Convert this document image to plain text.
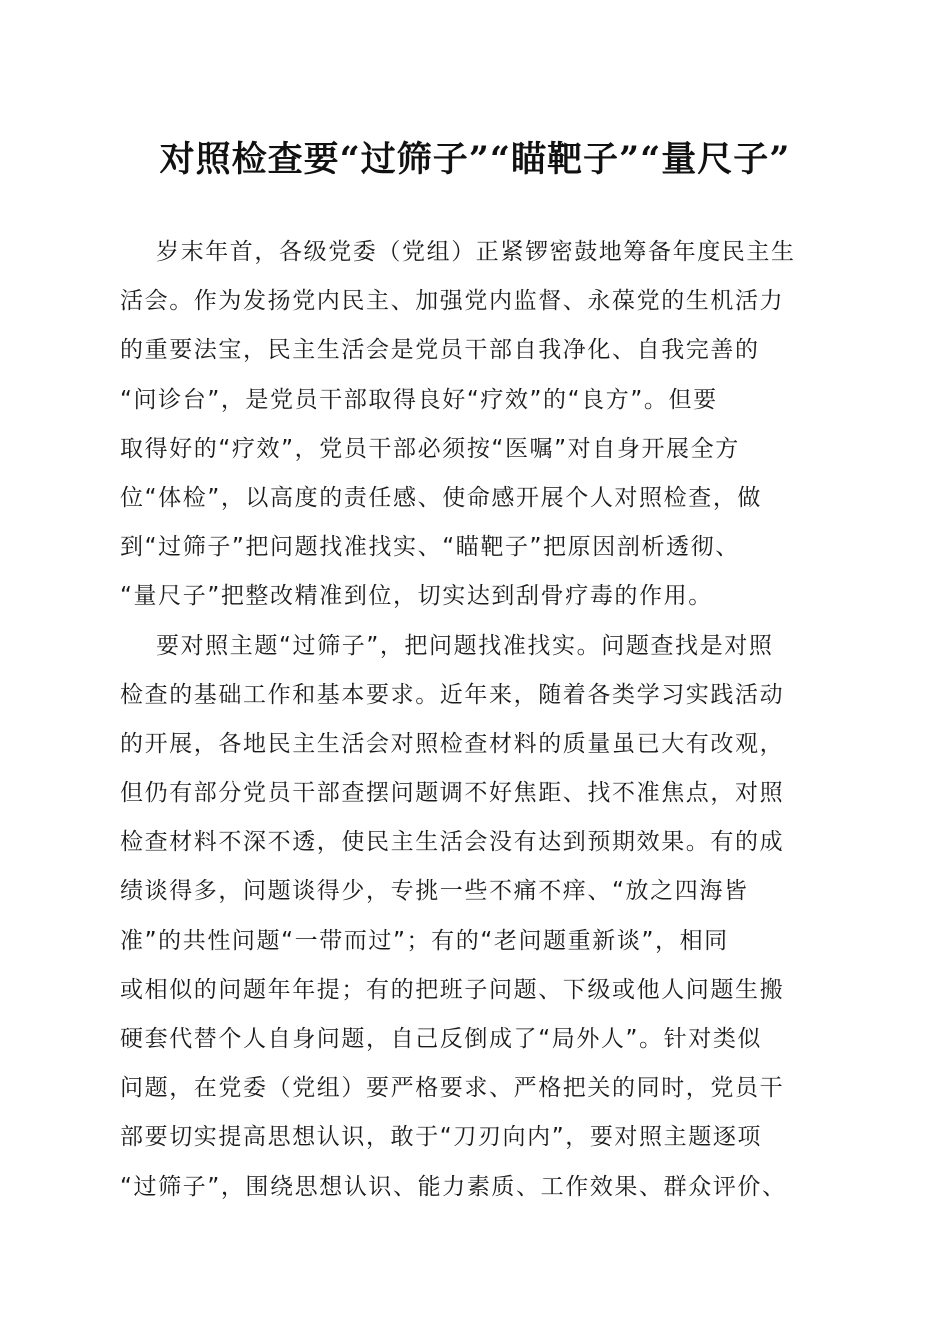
对照检查要“过筛子”“瞄靶子”“量尺子”
岁末年首，各级党委（党组）正紧锣密鼓地筹备年度民主生
活会。作为发扬党内民主、加强党内监督、永葆党的生机活力
的重要法宝，民主生活会是党员干部自我净化、自我完善的
“问诊台”，是党员干部取得良好“疗效”的“良方”。但要
取得好的“疗效”，党员干部必须按“医嘱”对自身开展全方
位“体检”，以高度的责任感、使命感开展个人对照检查，做
到“过筛子”把问题找准找实、“瞄靶子”把原因剖析透彻、
“量尺子”把整改精准到位，切实达到刮骨疗毒的作用。
要对照主题“过筛子”，把问题找准找实。问题查找是对照
检查的基础工作和基本要求。近年来，随着各类学习实践活动
的开展，各地民主生活会对照检查材料的质量虽已大有改观，
但仍有部分党员干部查摆问题调不好焦距、找不准焦点，对照
检查材料不深不透，使民主生活会没有达到预期效果。有的成
绩谈得多，问题谈得少，专挑一些不痛不痒、“放之四海皆
准”的共性问题“一带而过”；有的“老问题重新谈”，相同
或相似的问题年年提；有的把班子问题、下级或他人问题生搬
硬套代替个人自身问题，自己反倒成了“局外人”。针对类似
问题，在党委（党组）要严格要求、严格把关的同时，党员干
部要切实提高思想认识，敢于“刀刃向内”，要对照主题逐项
“过筛子”，围绕思想认识、能力素质、工作效果、群众评价、
